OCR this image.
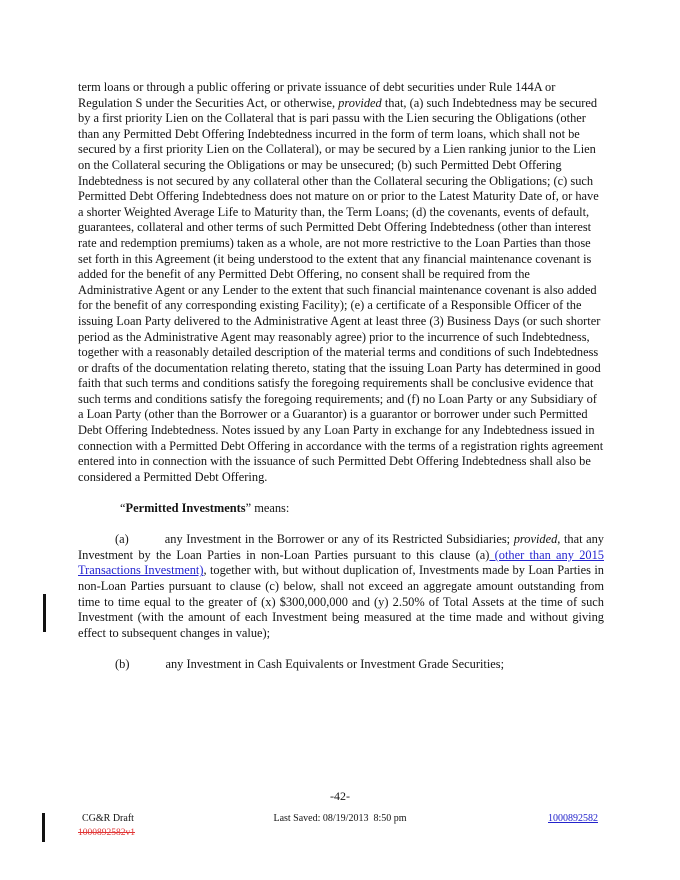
term loans or through a public offering or private issuance of debt securities under Rule 144A or Regulation S under the Securities Act, or otherwise, provided that, (a) such Indebtedness may be secured by a first priority Lien on the Collateral that is pari passu with the Lien securing the Obligations (other than any Permitted Debt Offering Indebtedness incurred in the form of term loans, which shall not be secured by a first priority Lien on the Collateral), or may be secured by a Lien ranking junior to the Lien on the Collateral securing the Obligations or may be unsecured; (b) such Permitted Debt Offering Indebtedness is not secured by any collateral other than the Collateral securing the Obligations; (c) such Permitted Debt Offering Indebtedness does not mature on or prior to the Latest Maturity Date of, or have a shorter Weighted Average Life to Maturity than, the Term Loans; (d) the covenants, events of default, guarantees, collateral and other terms of such Permitted Debt Offering Indebtedness (other than interest rate and redemption premiums) taken as a whole, are not more restrictive to the Loan Parties than those set forth in this Agreement (it being understood to the extent that any financial maintenance covenant is added for the benefit of any Permitted Debt Offering, no consent shall be required from the Administrative Agent or any Lender to the extent that such financial maintenance covenant is also added for the benefit of any corresponding existing Facility); (e) a certificate of a Responsible Officer of the issuing Loan Party delivered to the Administrative Agent at least three (3) Business Days (or such shorter period as the Administrative Agent may reasonably agree) prior to the incurrence of such Indebtedness, together with a reasonably detailed description of the material terms and conditions of such Indebtedness or drafts of the documentation relating thereto, stating that the issuing Loan Party has determined in good faith that such terms and conditions satisfy the foregoing requirements shall be conclusive evidence that such terms and conditions satisfy the foregoing requirements; and (f) no Loan Party or any Subsidiary of a Loan Party (other than the Borrower or a Guarantor) is a guarantor or borrower under such Permitted Debt Offering Indebtedness. Notes issued by any Loan Party in exchange for any Indebtedness issued in connection with a Permitted Debt Offering in accordance with the terms of a registration rights agreement entered into in connection with the issuance of such Permitted Debt Offering Indebtedness shall also be considered a Permitted Debt Offering.

“Permitted Investments” means:

(a)	any Investment in the Borrower or any of its Restricted Subsidiaries; provided, that any Investment by the Loan Parties in non-Loan Parties pursuant to this clause (a) (other than any 2015 Transactions Investment), together with, but without duplication of, Investments made by Loan Parties in non-Loan Parties pursuant to clause (c) below, shall not exceed an aggregate amount outstanding from time to time equal to the greater of (x) $300,000,000 and (y) 2.50% of Total Assets at the time of such Investment (with the amount of each Investment being measured at the time made and without giving effect to subsequent changes in value);

(b)	any Investment in Cash Equivalents or Investment Grade Securities;

-42-
CG&R Draft
1000892582v1
Last Saved: 08/19/2013  8:50 pm	1000892582
